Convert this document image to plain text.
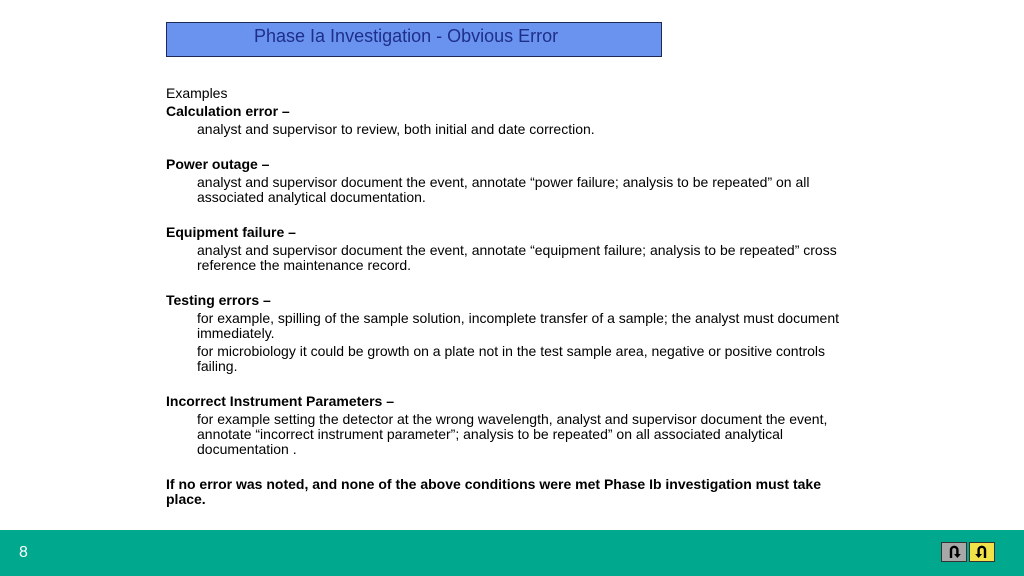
Phase Ia Investigation - Obvious Error

Examples

Calculation error –

analyst and supervisor to review, both initial and date correction.

Power outage –

analyst and supervisor document the event, annotate “power failure; analysis to be repeated” on all associated analytical documentation.

Equipment failure –

analyst and supervisor document the event, annotate “equipment failure; analysis to be repeated” cross reference the maintenance record.

Testing errors –

for example, spilling of the sample solution, incomplete transfer of a sample; the analyst must document immediately.

for microbiology it could be growth on a plate not in the test sample area, negative or positive controls failing.

Incorrect Instrument Parameters –

for example setting the detector at the wrong wavelength, analyst and supervisor document the event, annotate “incorrect instrument parameter”; analysis to be repeated” on all associated analytical documentation .

If no error was noted, and none of the above conditions were met Phase Ib investigation must take place.

8
